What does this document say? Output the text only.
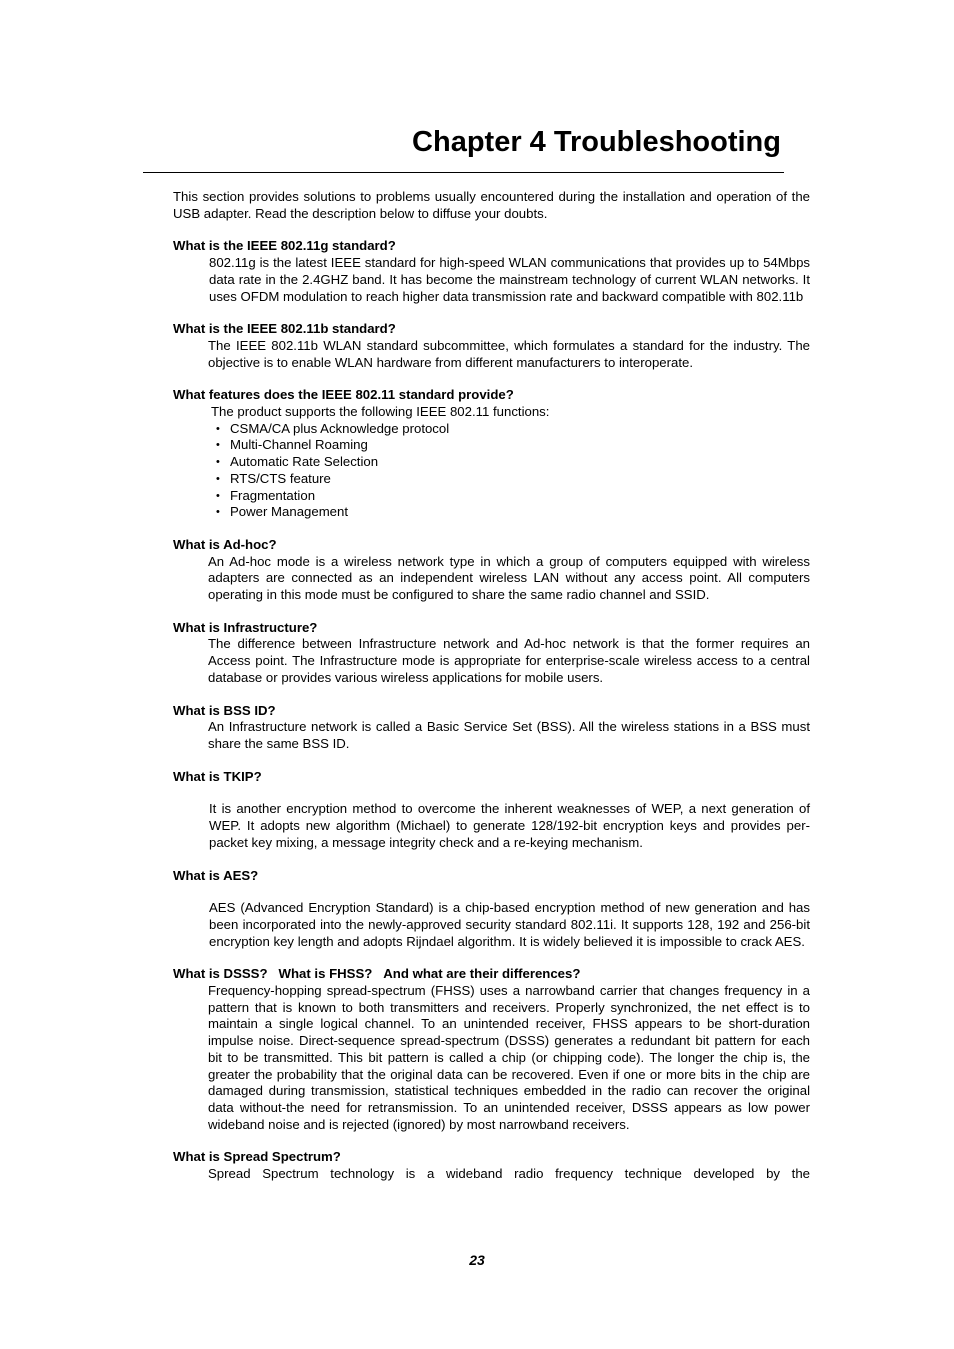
Chapter 4 Troubleshooting

This section provides solutions to problems usually encountered during the installation and operation of the USB adapter. Read the description below to diffuse your doubts.

What is the IEEE 802.11g standard?

802.11g is the latest IEEE standard for high-speed WLAN communications that provides up to 54Mbps data rate in the 2.4GHZ band. It has become the mainstream technology of current WLAN networks. It uses OFDM modulation to reach higher data transmission rate and backward compatible with 802.11b

What is the IEEE 802.11b standard?

The IEEE 802.11b WLAN standard subcommittee, which formulates a standard for the industry. The objective is to enable WLAN hardware from different manufacturers to interoperate.

What features does the IEEE 802.11 standard provide?

The product supports the following IEEE 802.11 functions:

• CSMA/CA plus Acknowledge protocol
• Multi-Channel Roaming
• Automatic Rate Selection
• RTS/CTS feature
• Fragmentation
• Power Management

What is Ad-hoc?

An Ad-hoc mode is a wireless network type in which a group of computers equipped with wireless adapters are connected as an independent wireless LAN without any access point. All computers operating in this mode must be configured to share the same radio channel and SSID.

What is Infrastructure?

The difference between Infrastructure network and Ad-hoc network is that the former requires an Access point. The Infrastructure mode is appropriate for enterprise-scale wireless access to a central database or provides various wireless applications for mobile users.

What is BSS ID?

An Infrastructure network is called a Basic Service Set (BSS). All the wireless stations in a BSS must share the same BSS ID.

What is TKIP?

It is another encryption method to overcome the inherent weaknesses of WEP, a next generation of WEP. It adopts new algorithm (Michael) to generate 128/192-bit encryption keys and provides per-packet key mixing, a message integrity check and a re-keying mechanism.

What is AES?

AES (Advanced Encryption Standard) is a chip-based encryption method of new generation and has been incorporated into the newly-approved security standard 802.11i. It supports 128, 192 and 256-bit encryption key length and adopts Rijndael algorithm. It is widely believed it is impossible to crack AES.

What is DSSS?   What is FHSS?   And what are their differences?

Frequency-hopping spread-spectrum (FHSS) uses a narrowband carrier that changes frequency in a pattern that is known to both transmitters and receivers. Properly synchronized, the net effect is to maintain a single logical channel. To an unintended receiver, FHSS appears to be short-duration impulse noise. Direct-sequence spread-spectrum (DSSS) generates a redundant bit pattern for each bit to be transmitted. This bit pattern is called a chip (or chipping code). The longer the chip is, the greater the probability that the original data can be recovered. Even if one or more bits in the chip are damaged during transmission, statistical techniques embedded in the radio can recover the original data without-the need for retransmission. To an unintended receiver, DSSS appears as low power wideband noise and is rejected (ignored) by most narrowband receivers.

What is Spread Spectrum?

Spread Spectrum technology is a wideband radio frequency technique developed by the

23
